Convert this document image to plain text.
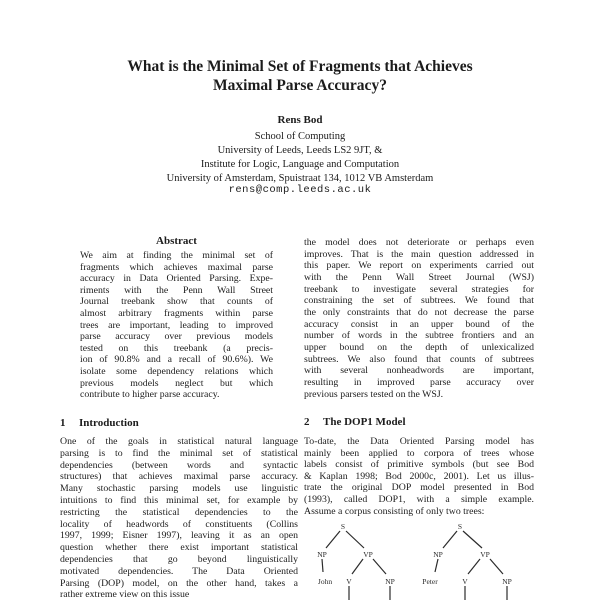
What is the Minimal Set of Fragments that Achieves
Maximal Parse Accuracy?
Rens Bod
School of Computing
University of Leeds, Leeds LS2 9JT, &
Institute for Logic, Language and Computation
University of Amsterdam, Spuistraat 134, 1012 VB Amsterdam
rens@comp.leeds.ac.uk
Abstract
We aim at finding the minimal set of
fragments which achieves maximal parse
accuracy in Data Oriented Parsing. Expe-
riments with the Penn Wall Street
Journal treebank show that counts of
almost arbitrary fragments within parse
trees are important, leading to improved
parse accuracy over previous models
tested on this treebank (a precis-
ion of 90.8% and a recall of 90.6%). We
isolate some dependency relations which
previous models neglect but which
contribute to higher parse accuracy.
1 Introduction
One of the goals in statistical natural language
parsing is to find the minimal set of statistical
dependencies (between words and syntactic
structures) that achieves maximal parse accuracy.
Many stochastic parsing models use linguistic
intuitions to find this minimal set, for example by
restricting the statistical dependencies to the
locality of headwords of constituents (Collins
1997, 1999; Eisner 1997), leaving it as an open
question whether there exist important statistical
dependencies that go beyond linguistically
motivated dependencies. The Data Oriented
Parsing (DOP) model, on the other hand, takes a
rather extreme view on this issue
the model does not deteriorate or perhaps even
improves. That is the main question addressed in
this paper. We report on experiments carried out
with the Penn Wall Street Journal (WSJ)
treebank to investigate several strategies for
constraining the set of subtrees. We found that
the only constraints that do not decrease the parse
accuracy consist in an upper bound of the
number of words in the subtree frontiers and an
upper bound on the depth of unlexicalized
subtrees. We also found that counts of subtrees
with several nonheadwords are important,
resulting in improved parse accuracy over
previous parsers tested on the WSJ.
2 The DOP1 Model
To-date, the Data Oriented Parsing model has
mainly been applied to corpora of trees whose
labels consist of primitive symbols (but see Bod
& Kaplan 1998; Bod 2000c, 2001). Let us illus-
trate the original DOP model presented in Bod
(1993), called DOP1, with a simple example.
Assume a corpus consisting of only two trees:
S
NP	VP
John V	NP
S
NP	VP
Peter	V	NP
